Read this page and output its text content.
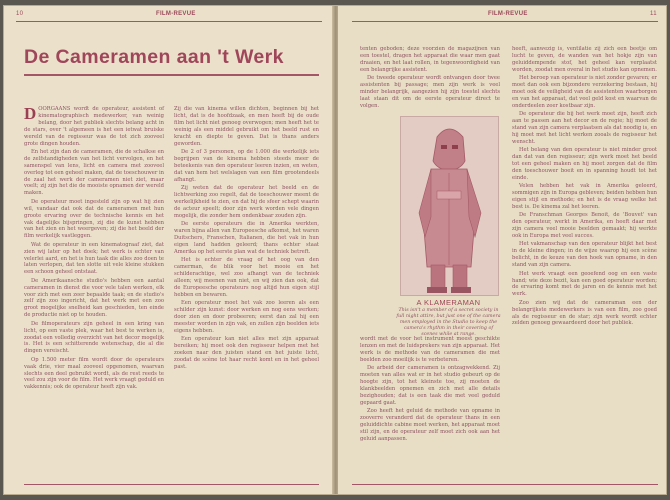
10	FILM-REVUE
De Cameramen aan 't Werk

DOORGAANS wordt de operateur, assistent of kinematographisch medewerker, van weinig belang, door het publiek slechts belang acht in de stars, over 't algemeen is het een ietwat bruiske wereld van de regisseur was de tot zich zooveel grote dingen houden.

En het zijn dan de cameramen, die de schalkse en de zelfstandigheden van het licht vervolgen, en het samenspel van lens, licht en camera met zooveel overleg tot een geheel maken, dat de toeschouwer in de zaal het werk der cameramen niet ziet, maar voelt; zij zijn het die de mooiste opnamen der wereld maken.

De operateur moet ingesteld zijn op wat hij zien wil, vandaar dat ook dat de cameramen met hun groote ervaring over de technische kennis en het vak dagelijks bijspringen, zij die de kunst hebben van het zien en het weergeven; zij die het beeld der film werkelijk vastleggen.

Wat de operateur in een kinematograaf ziet, dat zien wij later op het doek; het werk is echter van velerlei aard, en het is hun taak die alles zoo doen te laten verlopen, dat ten slotte uit vele kleine stukken een schoon geheel ontstaat.

De Amerikaansche studio's hebben een aantal cameramen in dienst die voor vele talen werken, elk voor zich met een zeer bepaalde taak; en de studio's zelf zijn zoo ingericht, dat het werk met een zoo groot mogelijke snelheid kan geschieden, ten einde de productie niet op te houden.

De filmoperateurs zijn geheel in een kring van licht, op een vaste plek, waar het best te werken is, zoodat een volledig overzicht van het decor mogelijk is. Het is een schitterende wetenschap, die al die dingen vereischt.

Op 1.500 meter film wordt door de operateurs vaak drie, vier maal zooveel opgenomen, waarvan slechts een deel gebruikt wordt, als de rest reeds te veel zou zijn voor de film. Het werk vraagt geduld en vakkennis; ook de operateur heeft zijn vak.

Zij die van kinema willen dichten, beginnen bij het licht, dat is de hoofdzaak, en men heeft bij de oude film het licht niet genoeg overwogen; men heeft het te weinig als een middel gebruikt om het beeld rust en kracht en diepte te geven. Dat is thans anders geworden.

De 2 of 3 personen, op de 1.000 die werkelijk iets begrijpen van de kinema hebben steeds meer de beteekenis van den operateur leeren inzien, en weten, dat van hem het welslagen van een film grootendeels afhangt.

Zij weten dat de operateur het beeld en de lichtwerking zoo regelt, dat de toeschouwer meent de werkelijkheid te zien, en dat hij de sfeer schept waarin de acteur speelt; door zijn werk worden vele dingen mogelijk, die zonder hem ondenkbaar zouden zijn.

De eerste operateurs die in Amerika werkten, waren bijna allen van Europeesche afkomst, het waren Duitschers, Franschen, Italianen, die het vak in hun eigen land hadden geleerd; thans echter staat Amerika op het eerste plan wat de techniek betreft.

Het is echter de vraag of het oog van den camerman, de blik voor het mooie en het schilderachtige, wel zoo afhangt van de techniek alleen; wij meenen van niet, en wij zien dan ook, dat de Europeesche operateurs nog altijd hun eigen stijl hebben en bewaren.

Een operateur moet het vak zoo leeren als een schilder zijn kunst: door werken en nog eens werken; door zien en door probeeren; eerst dan zal hij een meester worden in zijn vak, en zullen zijn beelden iets eigens hebben.

Een operateur kan niet alles met zijn apparaat bereiken; hij moet ook den regisseur helpen met het zoeken naar den juisten stand en het juiste licht, zoodat de scène tot haar recht komt en in het geheel past.

FILM-REVUE	11

tenten geboden; deze voorzien de magazijnen van een toestel, dragen het apparaat die waar men gaat draaien, en het laat rollen, in tegenwoordigheid van een belangrijke assistent.

De tweede operateur wordt ontvangen door twee assistenten bij passage; men zijn werk is veel minder belangrijk, aangezien hij zijn toestel slechts laat staan dit om de eerste operateur direct te volgen.

A KLAMERAMAN
This isn't a member of a secret society in full night attire, but just one of the camera men employed in the Studio to keep the camera's rhythm in their covering of scenes while at range.

wordt met de voor het instrument meest geschikte lenzen en met de luidsprekers van zijn apparaat. Het werk is de methode van de cameramen die met beelden zoo moeilijk is te verbeteren.

De arbeid der cameramen is ontzagwekkend. Zij moeten van alles wat er in het studio gebeurt op de hoogte zijn, tot het kleinste toe, zij moeten de klankbeelden opnemen en zich met alle details bezighouden; dat is een taak die met veel geduld gepaard gaat.

Zoo heeft het geluid de methode van opname in zooverre veranderd dat de operateur thans in een geluiddichte cabine moet werken, het apparaat moet stil zijn, en de operateur zelf moet zich ook aan het geluid aanpassen.

heeft, aanwezig is, ventilatie zij zich een beetje om lucht te geven, de wanden van het hokje zijn van geluiddempende stof, het geheel kan verplaatst worden, zoodat men overal in het studio kan opnemen.

Het beroep van operateur is niet zonder gevaren; er moet dan ook een bijzondere verzekering bestaan, hij moet ook de veiligheid van de assistenten waarborgen en van het apparaat, dat veel geld kost en waarvan de onderdeelen zeer kostbaar zijn.

De operateur die bij het werk moet zijn, heeft zich aan te passen aan het decor en de regie; hij moet de stand van zijn camera verplaatsen als dat noodig is, en hij moet met het licht werken zooals de regisseur het wenscht.

Het belang van den operateur is niet minder groot dan dat van den regisseur; zijn werk moet het beeld tot een geheel maken en hij moet zorgen dat de film den toeschouwer boeit en in spanning houdt tot het einde.

Velen hebben het vak in Amerika geleerd, sommigen zijn in Europa gebleven; beiden hebben hun eigen stijl en methode; en het is de vraag welke het best is. De kinema zal het leeren.

De Franschman Georges Benoit, de 'Bouvet' van den operateur, werkt in Amerika, en heeft daar met zijn camera veel mooie beelden gemaakt; hij werkte ook in Europa met veel succes.

Het vakmanschap van den operateur blijkt het best in de kleine dingen; in de wijze waarop hij een scène belicht, in de keuze van den hoek van opname, in den stand van zijn camera.

Het werk vraagt een geoefend oog en een vaste hand; wie deze bezit, kan een goed operateur worden; de ervaring komt met de jaren en de kennis met het werk.

Zoo zien wij dat de cameraman een der belangrijkste medewerkers is van een film, zoo goed als de regisseur en de star; zijn werk wordt echter zelden genoeg gewaardeerd door het publiek.
